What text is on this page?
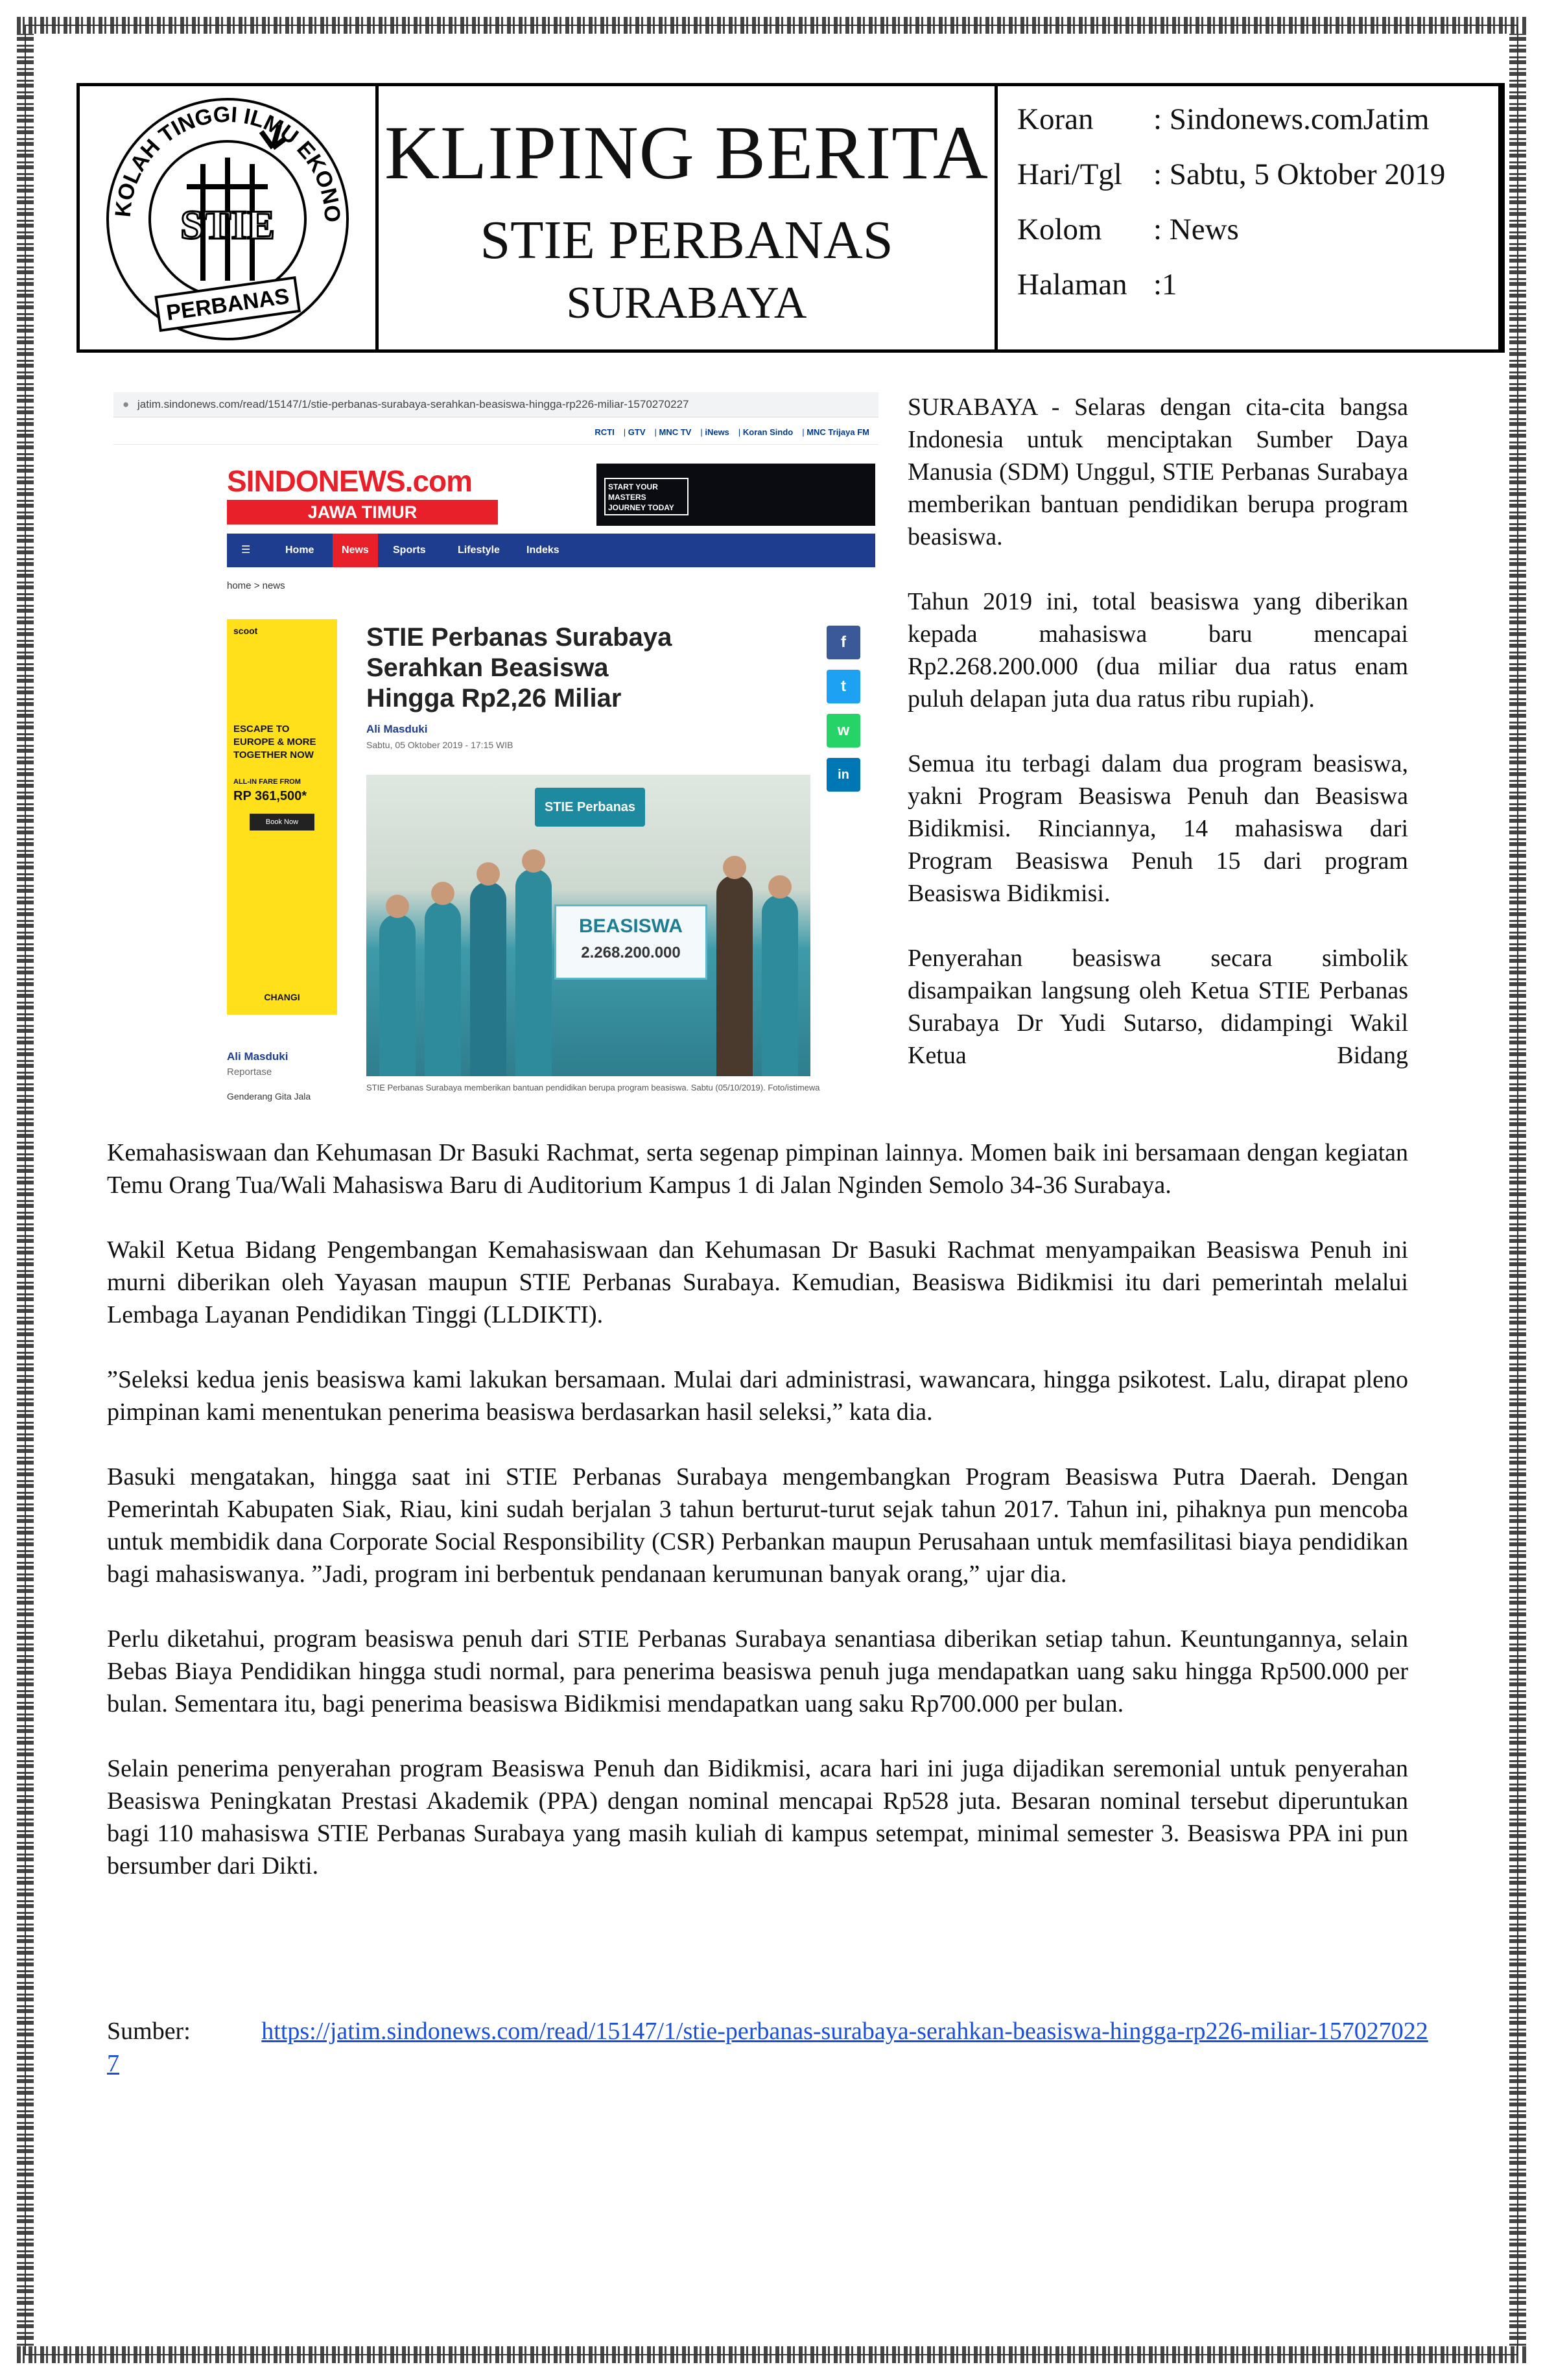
KOLAH TINGGI ILMU EKONO
STIE
PERBANAS
KLIPING BERITA
STIE PERBANAS
SURABAYA
Koran : Sindonews.comJatim
Hari/Tgl : Sabtu, 5 Oktober 2019
Kolom : News
Halaman :1
● jatim.sindonews.com/read/15147/1/stie-perbanas-surabaya-serahkan-beasiswa-hingga-rp226-miliar-1570270227
RCTI | GTV | MNC TV | iNews | Koran Sindo | MNC Trijaya FM
SINDONEWS.com
JAWA TIMUR
START YOUR MASTERS JOURNEY TODAY
☰	Home	News	Sports	Lifestyle	Indeks
home > news
scoot
ESCAPE TO EUROPE & MORE TOGETHER NOW
ALL-IN FARE FROM
RP 361,500*
Book Now
CHANGI
Ali Masduki
Reportase
Genderang Gita Jala
STIE Perbanas Surabaya Serahkan Beasiswa Hingga Rp2,26 Miliar
Ali Masduki
Sabtu, 05 Oktober 2019 - 17:15 WIB
f
t
w
in
STIE Perbanas
BEASISWA
2.268.200.000
STIE Perbanas Surabaya memberikan bantuan pendidikan berupa program beasiswa. Sabtu (05/10/2019). Foto/istimewa

SURABAYA - Selaras dengan cita-cita bangsa Indonesia untuk menciptakan Sumber Daya Manusia (SDM) Unggul, STIE Perbanas Surabaya memberikan bantuan pendidikan berupa program beasiswa.

Tahun 2019 ini, total beasiswa yang diberikan kepada mahasiswa baru mencapai Rp2.268.200.000 (dua miliar dua ratus enam puluh delapan juta dua ratus ribu rupiah).

Semua itu terbagi dalam dua program beasiswa, yakni Program Beasiswa Penuh dan Beasiswa Bidikmisi. Rinciannya, 14 mahasiswa dari Program Beasiswa Penuh 15 dari program Beasiswa Bidikmisi.

Penyerahan beasiswa secara simbolik disampaikan langsung oleh Ketua STIE Perbanas Surabaya Dr Yudi Sutarso, didampingi Wakil Ketua Bidang

Kemahasiswaan dan Kehumasan Dr Basuki Rachmat, serta segenap pimpinan lainnya. Momen baik ini bersamaan dengan kegiatan Temu Orang Tua/Wali Mahasiswa Baru di Auditorium Kampus 1 di Jalan Nginden Semolo 34-36 Surabaya.

Wakil Ketua Bidang Pengembangan Kemahasiswaan dan Kehumasan Dr Basuki Rachmat menyampaikan Beasiswa Penuh ini murni diberikan oleh Yayasan maupun STIE Perbanas Surabaya. Kemudian, Beasiswa Bidikmisi itu dari pemerintah melalui Lembaga Layanan Pendidikan Tinggi (LLDIKTI).

”Seleksi kedua jenis beasiswa kami lakukan bersamaan. Mulai dari administrasi, wawancara, hingga psikotest. Lalu, dirapat pleno pimpinan kami menentukan penerima beasiswa berdasarkan hasil seleksi,” kata dia.

Basuki mengatakan, hingga saat ini STIE Perbanas Surabaya mengembangkan Program Beasiswa Putra Daerah. Dengan Pemerintah Kabupaten Siak, Riau, kini sudah berjalan 3 tahun berturut-turut sejak tahun 2017. Tahun ini, pihaknya pun mencoba untuk membidik dana Corporate Social Responsibility (CSR) Perbankan maupun Perusahaan untuk memfasilitasi biaya pendidikan bagi mahasiswanya. ”Jadi, program ini berbentuk pendanaan kerumunan banyak orang,” ujar dia.

Perlu diketahui, program beasiswa penuh dari STIE Perbanas Surabaya senantiasa diberikan setiap tahun. Keuntungannya, selain Bebas Biaya Pendidikan hingga studi normal, para penerima beasiswa penuh juga mendapatkan uang saku hingga Rp500.000 per bulan. Sementara itu, bagi penerima beasiswa Bidikmisi mendapatkan uang saku Rp700.000 per bulan.

Selain penerima penyerahan program Beasiswa Penuh dan Bidikmisi, acara hari ini juga dijadikan seremonial untuk penyerahan Beasiswa Peningkatan Prestasi Akademik (PPA) dengan nominal mencapai Rp528 juta. Besaran nominal tersebut diperuntukan bagi 110 mahasiswa STIE Perbanas Surabaya yang masih kuliah di kampus setempat, minimal semester 3. Beasiswa PPA ini pun bersumber dari Dikti.

Sumber:	https://jatim.sindonews.com/read/15147/1/stie-perbanas-surabaya-serahkan-beasiswa-hingga-rp226-miliar-1570270227
